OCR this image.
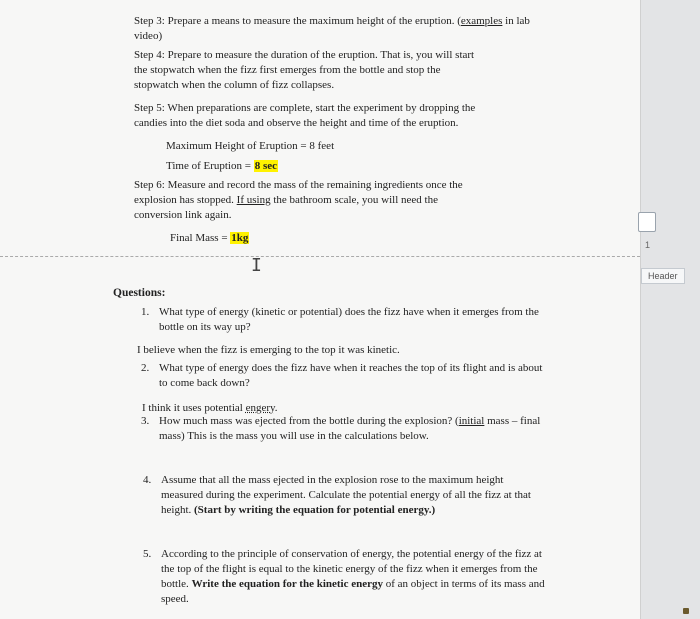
1
Header
Step 3: Prepare a means to measure the maximum height of the eruption. (examples in lab
video)
Step 4: Prepare to measure the duration of the eruption. That is, you will start
the stopwatch when the fizz first emerges from the bottle and stop the
stopwatch when the column of fizz collapses.
Step 5: When preparations are complete, start the experiment by dropping the
candies into the diet soda and observe the height and time of the eruption.
Maximum Height of Eruption = 8 feet
Time of Eruption = 8 sec
Step 6: Measure and record the mass of the remaining ingredients once the
explosion has stopped. If using the bathroom scale, you will need the
conversion link again.
Final Mass = 1kg
I
Questions:
1. What type of energy (kinetic or potential) does the fizz have when it emerges from the
bottle on its way up?
I believe when the fizz is emerging to the top it was kinetic.
2. What type of energy does the fizz have when it reaches the top of its flight and is about
to come back down?
I think it uses potential engery.
3. How much mass was ejected from the bottle during the explosion? (initial mass – final
mass) This is the mass you will use in the calculations below.
4. Assume that all the mass ejected in the explosion rose to the maximum height
measured during the experiment. Calculate the potential energy of all the fizz at that
height. (Start by writing the equation for potential energy.)
5. According to the principle of conservation of energy, the potential energy of the fizz at
the top of the flight is equal to the kinetic energy of the fizz when it emerges from the
bottle. Write the equation for the kinetic energy of an object in terms of its mass and
speed.
